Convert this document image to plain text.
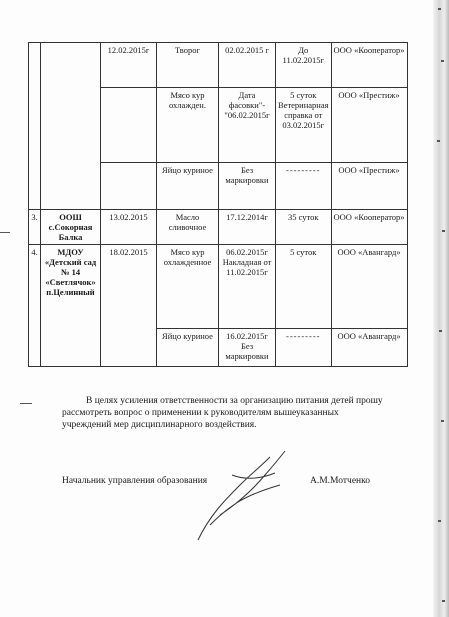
		12.02.2015г	Творог	02.02.2015 г	До 11.02.2015г	ООО «Кооператор»
			Мясо кур охлажден.	Дата фасовки"- "06.02.2015г	5 суток Ветеринарная справка от 03.02.2015г	ООО «Престиж»
			Яйцо куриное	Без маркировки	---------	ООО «Престиж»
3.	ООШ с.Сокорная Балка	13.02.2015	Масло сливочное	17.12.2014г	35 суток	ООО «Кооператор»
4.	МДОУ «Детский сад № 14 «Светлячок» п.Целинный	18.02.2015	Мясо кур охлажденное	06.02.2015г Накладная от 11.02.2015г	5 суток	ООО «Авангард»
			Яйцо куриное	16.02.2015г Без маркировки	---------	ООО «Авангард»
В целях усиления ответственности за организацию питания детей прошу
рассмотреть вопрос о применении к руководителям вышеуказанных
учреждений мер дисциплинарного воздействия.
Начальник управления образования	А.М.Мотченко
